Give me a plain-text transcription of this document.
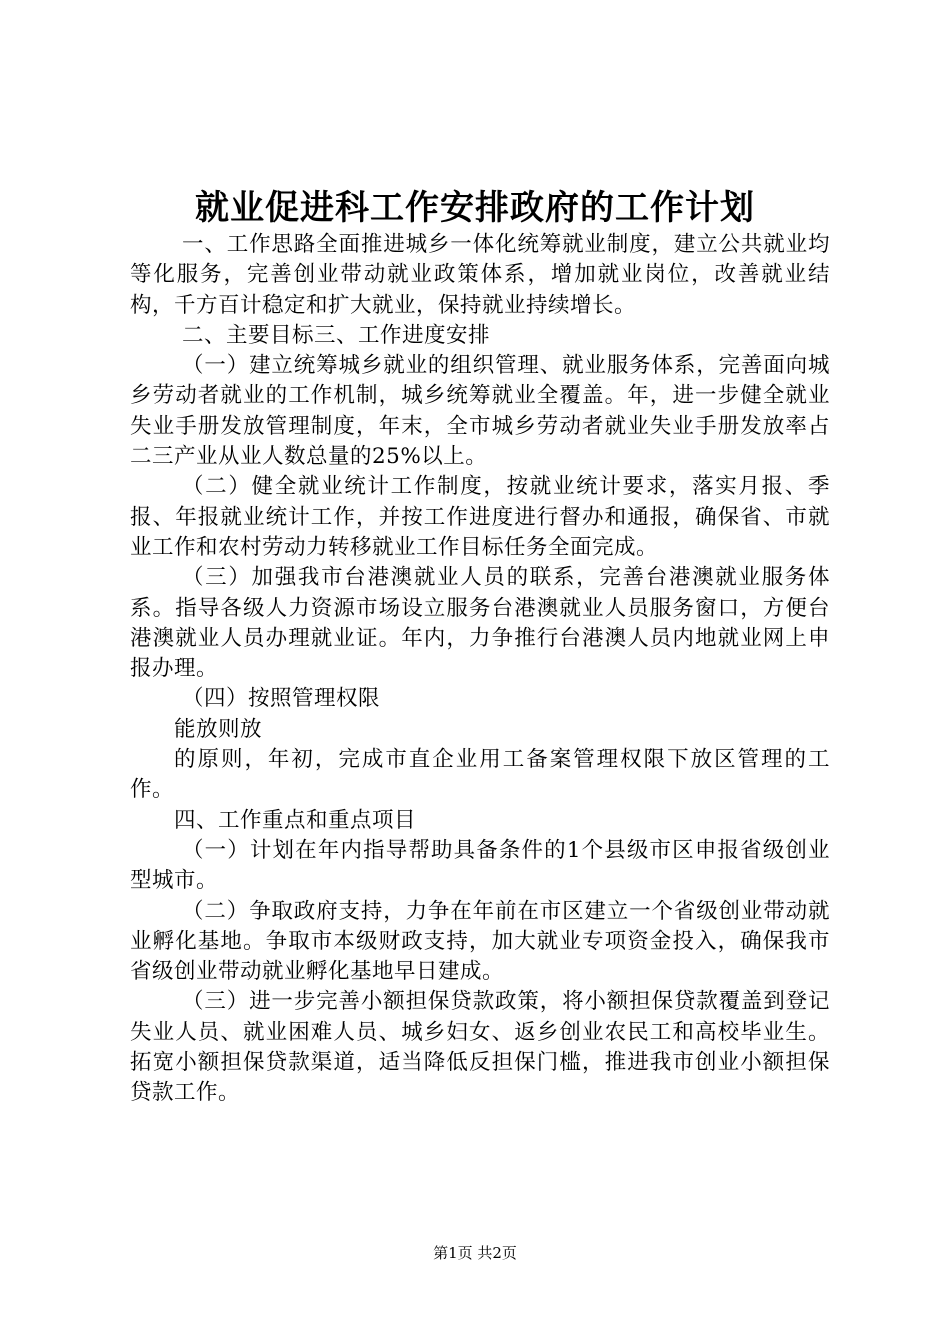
就业促进科工作安排政府的工作计划

一、工作思路全面推进城乡一体化统筹就业制度，建立公共就业均等化服务，完善创业带动就业政策体系，增加就业岗位，改善就业结构，千方百计稳定和扩大就业，保持就业持续增长。

二、主要目标三、工作进度安排

（一）建立统筹城乡就业的组织管理、就业服务体系，完善面向城乡劳动者就业的工作机制，城乡统筹就业全覆盖。年，进一步健全就业失业手册发放管理制度，年末，全市城乡劳动者就业失业手册发放率占二三产业从业人数总量的25%以上。

（二）健全就业统计工作制度，按就业统计要求，落实月报、季报、年报就业统计工作，并按工作进度进行督办和通报，确保省、市就业工作和农村劳动力转移就业工作目标任务全面完成。

（三）加强我市台港澳就业人员的联系，完善台港澳就业服务体系。指导各级人力资源市场设立服务台港澳就业人员服务窗口，方便台港澳就业人员办理就业证。年内，力争推行台港澳人员内地就业网上申报办理。

（四）按照管理权限

能放则放

的原则，年初，完成市直企业用工备案管理权限下放区管理的工作。

四、工作重点和重点项目

（一）计划在年内指导帮助具备条件的1个县级市区申报省级创业型城市。

（二）争取政府支持，力争在年前在市区建立一个省级创业带动就业孵化基地。争取市本级财政支持，加大就业专项资金投入，确保我市省级创业带动就业孵化基地早日建成。

（三）进一步完善小额担保贷款政策，将小额担保贷款覆盖到登记失业人员、就业困难人员、城乡妇女、返乡创业农民工和高校毕业生。拓宽小额担保贷款渠道，适当降低反担保门槛，推进我市创业小额担保贷款工作。

第1页 共2页
